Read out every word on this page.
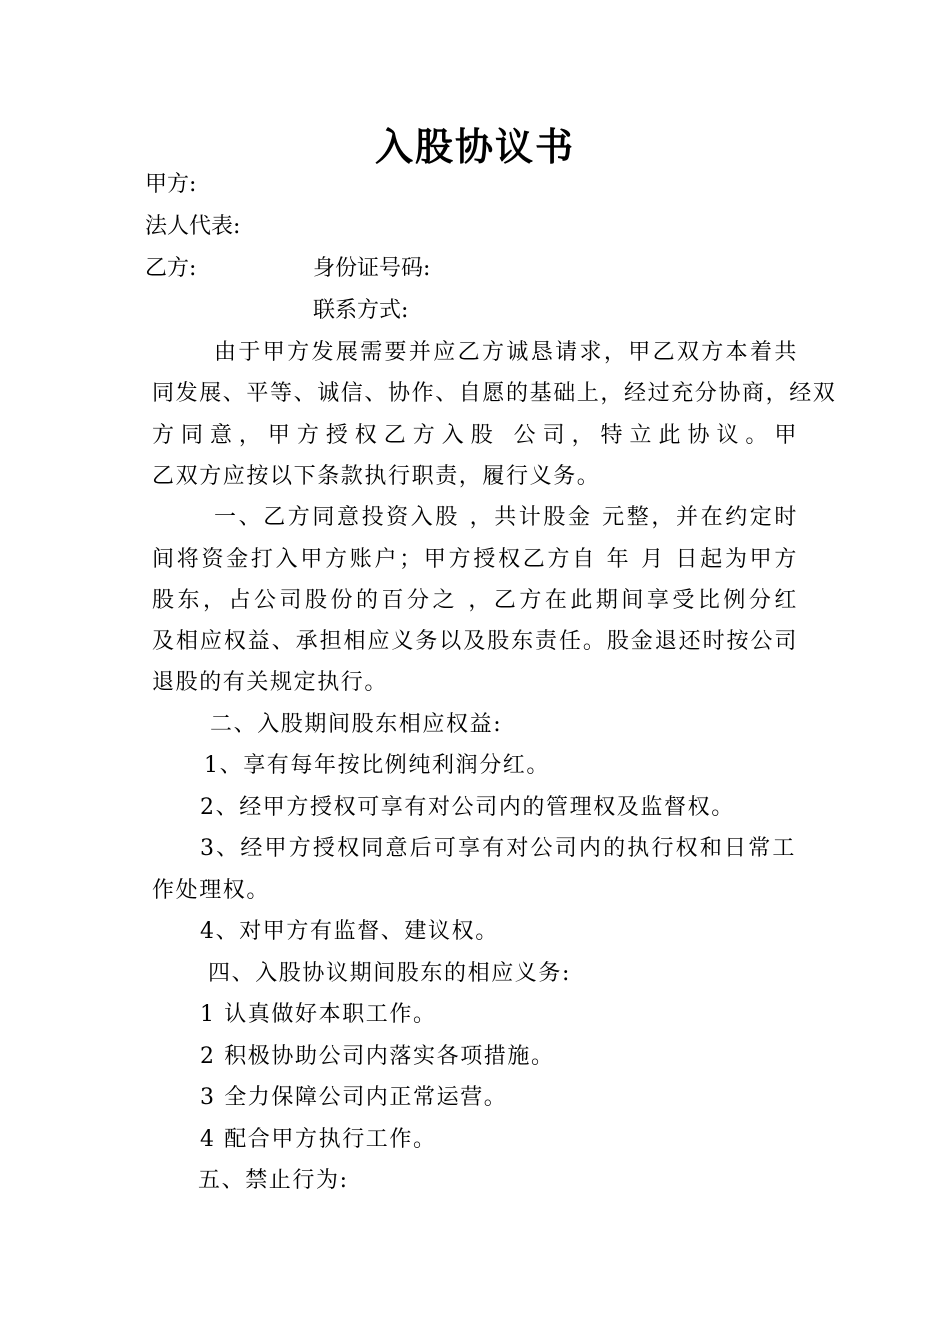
入股协议书

甲方:

法人代表:

乙方:	身份证号码:

联系方式:

由于甲方发展需要并应乙方诚恳请求，甲乙双方本着共

同发展、平等、诚信、协作、自愿的基础上，经过充分协商，经双

方同意，甲方授权乙方入股 公司，特立此协议。甲

乙双方应按以下条款执行职责，履行义务。

一、乙方同意投资入股 ，共计股金 元整，并在约定时

间将资金打入甲方账户；甲方授权乙方自 年 月 日起为甲方

股东，占公司股份的百分之 ，乙方在此期间享受比例分红

及相应权益、承担相应义务以及股东责任。股金退还时按公司

退股的有关规定执行。

二、入股期间股东相应权益:

1、享有每年按比例纯利润分红。

2、经甲方授权可享有对公司内的管理权及监督权。

3、经甲方授权同意后可享有对公司内的执行权和日常工

作处理权。

4、对甲方有监督、建议权。

四、入股协议期间股东的相应义务:

1 认真做好本职工作。

2 积极协助公司内落实各项措施。

3 全力保障公司内正常运营。

4 配合甲方执行工作。

五、禁止行为:
